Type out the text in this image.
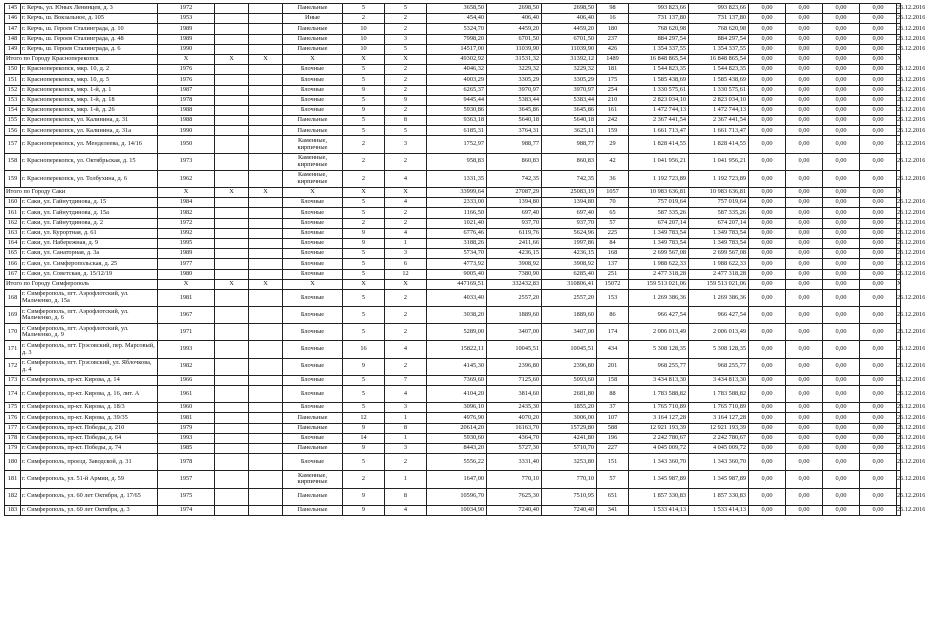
145	г. Керчь, ул. Юных Ленинцев, д. 3	1972			Панельные	5	5	3658,50	2698,50	2698,50	98	993 823,66	993 823,66	0,00	0,00	0,00	0,00	26.12.2016
146	г. Керчь, ш. Вокзальное, д. 105	1953			Иные	2	2	454,40	406,40	406,40	16	731 137,80	731 137,80	0,00	0,00	0,00	0,00	26.12.2016
147	г. Керчь, ш. Героев Сталинграда, д. 10	1989			Панельные	10	2	5324,70	4459,20	4459,20	180	768 620,98	768 620,98	0,00	0,00	0,00	0,00	26.12.2016
148	г. Керчь, ш. Героев Сталинграда, д. 48	1989			Панельные	10	3	7998,20	6701,50	6701,50	237	884 297,54	884 297,54	0,00	0,00	0,00	0,00	26.12.2016
149	г. Керчь, ш. Героев Сталинграда, д. 6	1990			Панельные	10	5	14517,00	11039,90	11039,90	426	1 354 337,55	1 354 337,55	0,00	0,00	0,00	0,00	26.12.2016
Итого по Городу Красноперекопск		X	X	X	X	X	X	49302,92	31531,32	31392,12	1489	16 848 865,54	16 848 865,54	0,00	0,00	0,00	0,00	X
150	г. Красноперекопск, мкр. 10, д. 2	1976			Блочные	5	2	4046,32	3229,32	3229,32	181	1 544 823,35	1 544 823,35	0,00	0,00	0,00	0,00	26.12.2016
151	г. Красноперекопск, мкр. 10, д. 5	1976			Блочные	5	2	4003,29	3305,29	3305,29	175	1 585 438,69	1 585 438,69	0,00	0,00	0,00	0,00	26.12.2016
152	г. Красноперекопск, мкр. 1-й, д. 1	1987			Блочные	9	2	6265,37	3970,97	3970,97	254	1 330 575,61	1 330 575,61	0,00	0,00	0,00	0,00	26.12.2016
153	г. Красноперекопск, мкр. 1-й, д. 18	1978			Блочные	5	9	9445,44	5383,44	5383,44	210	2 823 034,10	2 823 034,10	0,00	0,00	0,00	0,00	26.12.2016
154	г. Красноперекопск, мкр. 1-й, д. 26	1988			Блочные	9	2	5930,86	3645,86	3645,86	161	1 472 744,13	1 472 744,13	0,00	0,00	0,00	0,00	26.12.2016
155	г. Красноперекопск, ул. Калинина, д. 31	1988			Панельные	5	8	9363,18	5640,18	5640,18	242	2 367 441,54	2 367 441,54	0,00	0,00	0,00	0,00	26.12.2016
156	г. Красноперекопск, ул. Калинина, д. 31а	1990			Панельные	5	5	6185,31	3764,31	3625,11	159	1 661 713,47	1 661 713,47	0,00	0,00	0,00	0,00	26.12.2016
157	г. Красноперекопск, ул. Менделеева, д. 14/16	1950			Каменные, кирпичные	2	3	1752,97	988,77	988,77	29	1 828 414,55	1 828 414,55	0,00	0,00	0,00	0,00	26.12.2016
158	г. Красноперекопск, ул. Октябрьская, д. 15	1973			Каменные, кирпичные	2	2	958,83	860,83	860,83	42	1 041 956,21	1 041 956,21	0,00	0,00	0,00	0,00	26.12.2016
159	г. Красноперекопск, ул. Толбухина, д. 6	1962			Каменные, кирпичные	2	4	1331,35	742,35	742,35	36	1 192 723,89	1 192 723,89	0,00	0,00	0,00	0,00	26.12.2016
Итого по Городу Саки		X	X	X	X	X	X	33999,64	27087,29	25083,19	1057	10 983 636,81	10 983 636,81	0,00	0,00	0,00	0,00	X
160	г. Саки, ул. Гайнутдинова, д. 15	1984			Блочные	5	4	2333,00	1394,80	1394,80	70	757 019,64	757 019,64	0,00	0,00	0,00	0,00	26.12.2016
161	г. Саки, ул. Гайнутдинова, д. 15а	1982			Блочные	5	2	1166,50	697,40	697,40	65	587 335,26	587 335,26	0,00	0,00	0,00	0,00	26.12.2016
162	г. Саки, ул. Гайнутдинова, д. 2	1972			Блочные	2	2	1021,40	937,70	937,70	57	674 207,14	674 207,14	0,00	0,00	0,00	0,00	26.12.2016
163	г. Саки, ул. Курортная, д. 61	1992			Блочные	9	4	6776,46	6119,76	5624,96	225	1 349 783,54	1 349 783,54	0,00	0,00	0,00	0,00	26.12.2016
164	г. Саки, ул. Набережная, д. 9	1995			Блочные	9	1	3188,26	2411,66	1997,86	84	1 349 783,54	1 349 783,54	0,00	0,00	0,00	0,00	26.12.2016
165	г. Саки, ул. Санаторная, д. 3а	1989			Блочные	5	3	5734,70	4236,15	4236,15	168	2 699 567,08	2 699 567,08	0,00	0,00	0,00	0,00	26.12.2016
166	г. Саки, ул. Симферопольская, д. 25	1977			Блочные	5	6	4773,92	3908,92	3908,92	137	1 988 622,33	1 988 622,33	0,00	0,00	0,00	0,00	26.12.2016
167	г. Саки, ул. Советская, д. 15/12/19	1980			Блочные	5	12	9005,40	7380,90	6285,40	251	2 477 318,28	2 477 318,28	0,00	0,00	0,00	0,00	26.12.2016
Итого по Городу Симферополь		X	X	X	X	X	X	447169,51	332432,83	310806,41	15072	159 513 021,06	159 513 021,06	0,00	0,00	0,00	0,00	X
168	г. Симферополь, пгт. Аэрофлотский, ул. Мальченко, д. 15а	1981			Блочные	5	2	4033,40	2557,20	2557,20	153	1 269 386,36	1 269 386,36	0,00	0,00	0,00	0,00	26.12.2016
169	г. Симферополь, пгт. Аэрофлотский, ул. Мальченко, д. 6	1967			Блочные	5	2	3038,20	1889,60	1889,60	86	966 427,54	966 427,54	0,00	0,00	0,00	0,00	26.12.2016
170	г. Симферополь, пгт. Аэрофлотский, ул. Мальченко, д. 9	1971			Блочные	5	2	5289,00	3407,00	3407,00	174	2 006 013,49	2 006 013,49	0,00	0,00	0,00	0,00	26.12.2016
171	г. Симферополь, пгт. Грэсовский, пер. Марсовый, д. 3	1993			Блочные	16	4	15822,11	10045,51	10045,51	434	5 308 128,35	5 308 128,35	0,00	0,00	0,00	0,00	26.12.2016
172	г. Симферополь, пгт. Грэсовский, ул. Яблочкова, д. 4	1982			Блочные	9	2	4145,30	2396,80	2396,80	201	968 255,77	968 255,77	0,00	0,00	0,00	0,00	26.12.2016
173	г. Симферополь, пр-кт. Кирова, д. 14	1966			Блочные	5	7	7369,60	7125,60	5093,60	158	3 434 813,30	3 434 813,30	0,00	0,00	0,00	0,00	26.12.2016
174	г. Симферополь, пр-кт. Кирова, д. 16, лит. А	1961			Блочные	5	4	4104,20	3814,60	2681,80	88	1 783 588,82	1 783 588,82	0,00	0,00	0,00	0,00	26.12.2016
175	г. Симферополь, пр-кт. Кирова, д. 18/3	1960			Блочные	5	3	3096,10	2435,30	1855,20	37	1 765 710,89	1 765 710,89	0,00	0,00	0,00	0,00	26.12.2016
176	г. Симферополь, пр-кт. Кирова, д. 39/35	1981			Панельные	12	1	4976,90	4070,20	3006,00	107	3 164 127,28	3 164 127,28	0,00	0,00	0,00	0,00	26.12.2016
177	г. Симферополь, пр-кт. Победы, д. 210	1979			Панельные	9	8	20614,20	16163,70	15729,80	588	12 921 193,39	12 921 193,39	0,00	0,00	0,00	0,00	26.12.2016
178	г. Симферополь, пр-кт. Победы, д. 64	1993			Блочные	14	1	5930,60	4364,70	4241,80	196	2 242 780,67	2 242 780,67	0,00	0,00	0,00	0,00	26.12.2016
179	г. Симферополь, пр-кт. Победы, д. 74	1985			Панельные	9	3	8443,20	5727,30	5710,70	227	4 045 009,72	4 045 009,72	0,00	0,00	0,00	0,00	26.12.2016
180	г. Симферополь, проезд. Заводской, д. 31	1978			Блочные	5	2	5556,22	3331,40	3253,80	151	1 343 360,70	1 343 360,70	0,00	0,00	0,00	0,00	26.12.2016
181	г. Симферополь, ул. 51-й Армии, д. 59	1957			Каменные, кирпичные	2	1	1647,00	770,10	770,10	57	1 345 987,89	1 345 987,89	0,00	0,00	0,00	0,00	26.12.2016
182	г. Симферополь, ул. 60 лет Октября, д. 17/65	1975			Панельные	9	8	10596,70	7625,30	7510,95	651	1 857 330,83	1 857 330,83	0,00	0,00	0,00	0,00	26.12.2016
183	г. Симферополь, ул. 60 лет Октября, д. 3	1974			Панельные	9	4	10034,90	7240,40	7240,40	341	1 533 414,13	1 533 414,13	0,00	0,00	0,00	0,00	26.12.2016
